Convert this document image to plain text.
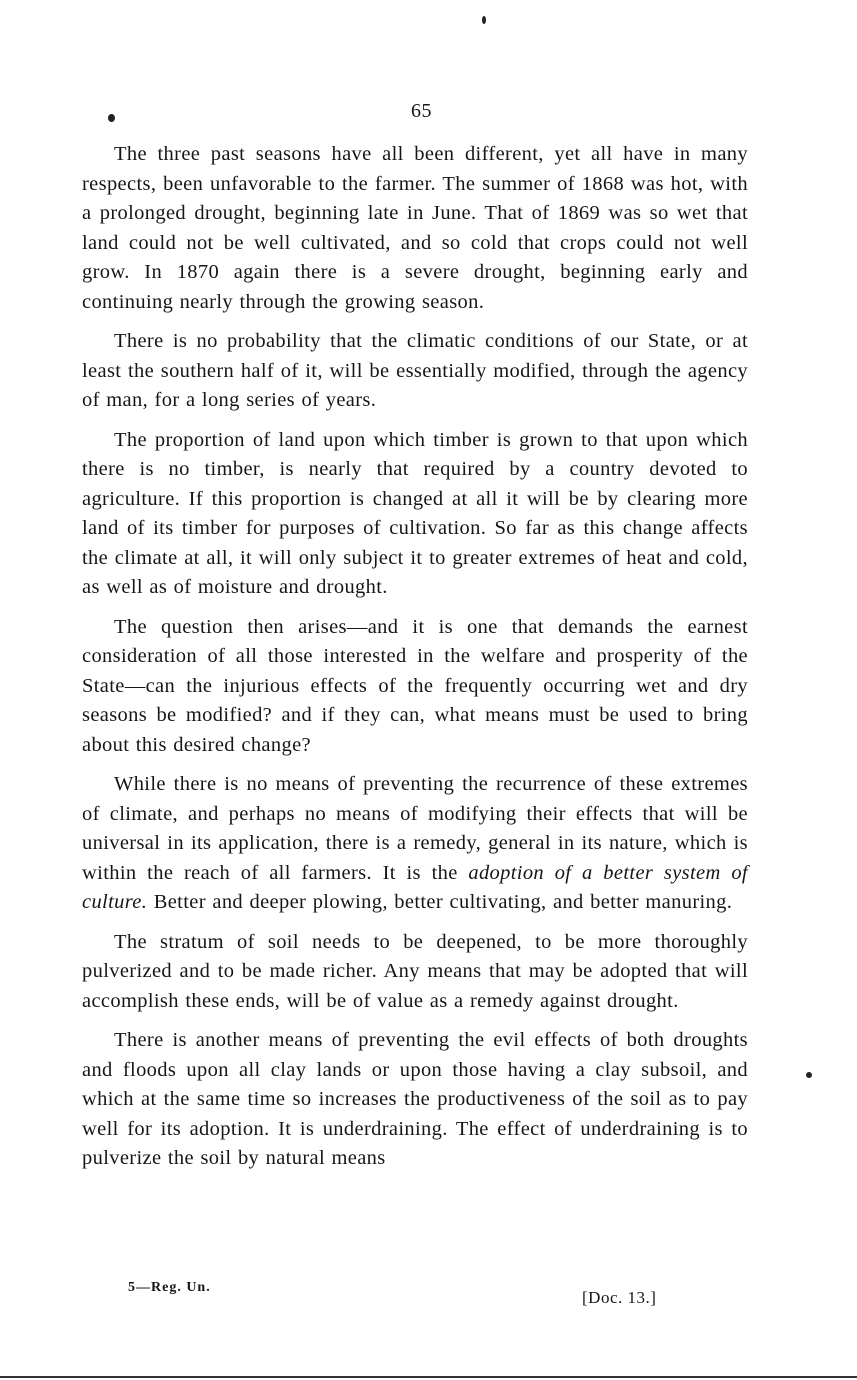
65

The three past seasons have all been different, yet all have in many respects, been unfavorable to the farmer. The summer of 1868 was hot, with a prolonged drought, beginning late in June. That of 1869 was so wet that land could not be well cultivated, and so cold that crops could not well grow. In 1870 again there is a severe drought, beginning early and continuing nearly through the growing season.

There is no probability that the climatic conditions of our State, or at least the southern half of it, will be essentially modified, through the agency of man, for a long series of years.

The proportion of land upon which timber is grown to that upon which there is no timber, is nearly that required by a country devoted to agriculture. If this proportion is changed at all it will be by clearing more land of its timber for purposes of cultivation. So far as this change affects the climate at all, it will only subject it to greater extremes of heat and cold, as well as of moisture and drought.

The question then arises—and it is one that demands the earnest consideration of all those interested in the welfare and prosperity of the State—can the injurious effects of the frequently occurring wet and dry seasons be modified? and if they can, what means must be used to bring about this desired change?

While there is no means of preventing the recurrence of these extremes of climate, and perhaps no means of modifying their effects that will be universal in its application, there is a remedy, general in its nature, which is within the reach of all farmers. It is the adoption of a better system of culture. Better and deeper plowing, better cultivating, and better manuring.

The stratum of soil needs to be deepened, to be more thoroughly pulverized and to be made richer. Any means that may be adopted that will accomplish these ends, will be of value as a remedy against drought.

There is another means of preventing the evil effects of both droughts and floods upon all clay lands or upon those having a clay subsoil, and which at the same time so increases the productiveness of the soil as to pay well for its adoption. It is underdraining. The effect of underdraining is to pulverize the soil by natural means

5—Reg. Un.
[Doc. 13.]
